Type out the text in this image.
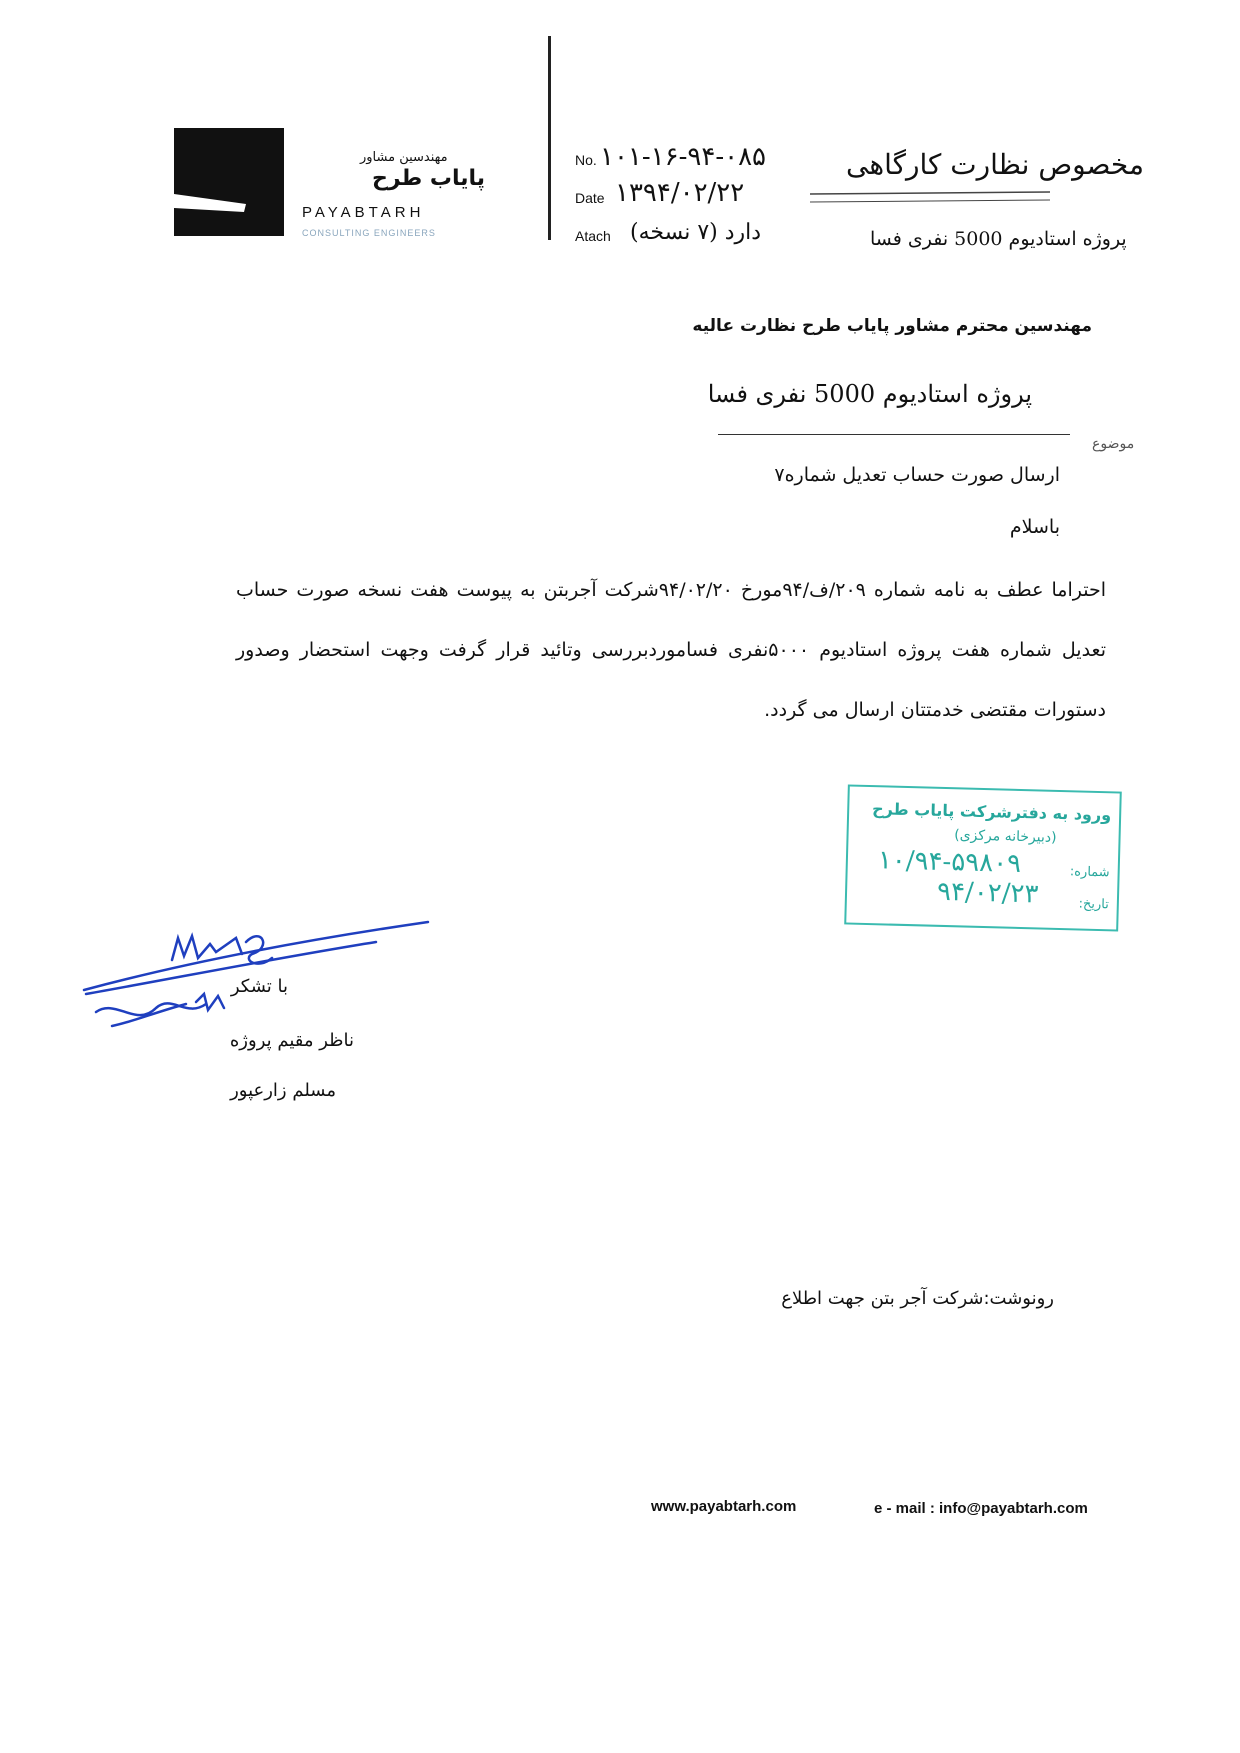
مهندسین مشاور
پایاب طرح
PAYABTARH
CONSULTING ENGINEERS
No. ۱۰۱-۱۶-۹۴-۰۸۵
Date ۱۳۹۴/۰۲/۲۲
Atach دارد (۷ نسخه)
مخصوص نظارت کارگاهی
پروژه استادیوم 5000 نفری فسا
مهندسین محترم مشاور پایاب طرح نظارت عالیه
پروژه استادیوم 5000 نفری فسا
موضوع
ارسال صورت حساب تعدیل شماره۷
باسلام
احتراما عطف به نامه شماره ۲۰۹/ف/۹۴مورخ ۹۴/۰۲/۲۰شرکت آجربتن به پیوست هفت نسخه صورت حساب تعدیل شماره هفت پروژه استادیوم ۵۰۰۰نفری فساموردبررسی وتائید قرار گرفت وجهت استحضار وصدور دستورات مقتضی خدمتتان ارسال می گردد.
ورود به دفترشرکت پایاب طرح
(دبیرخانه مرکزی)
شماره:
۱۰/۹۴-۵۹۸۰۹
تاریخ:
۹۴/۰۲/۲۳
با تشکر
ناظر مقیم پروژه
مسلم زارعپور
رونوشت:شرکت آجر بتن جهت اطلاع
www.payabtarh.com	e - mail : info@payabtarh.com
